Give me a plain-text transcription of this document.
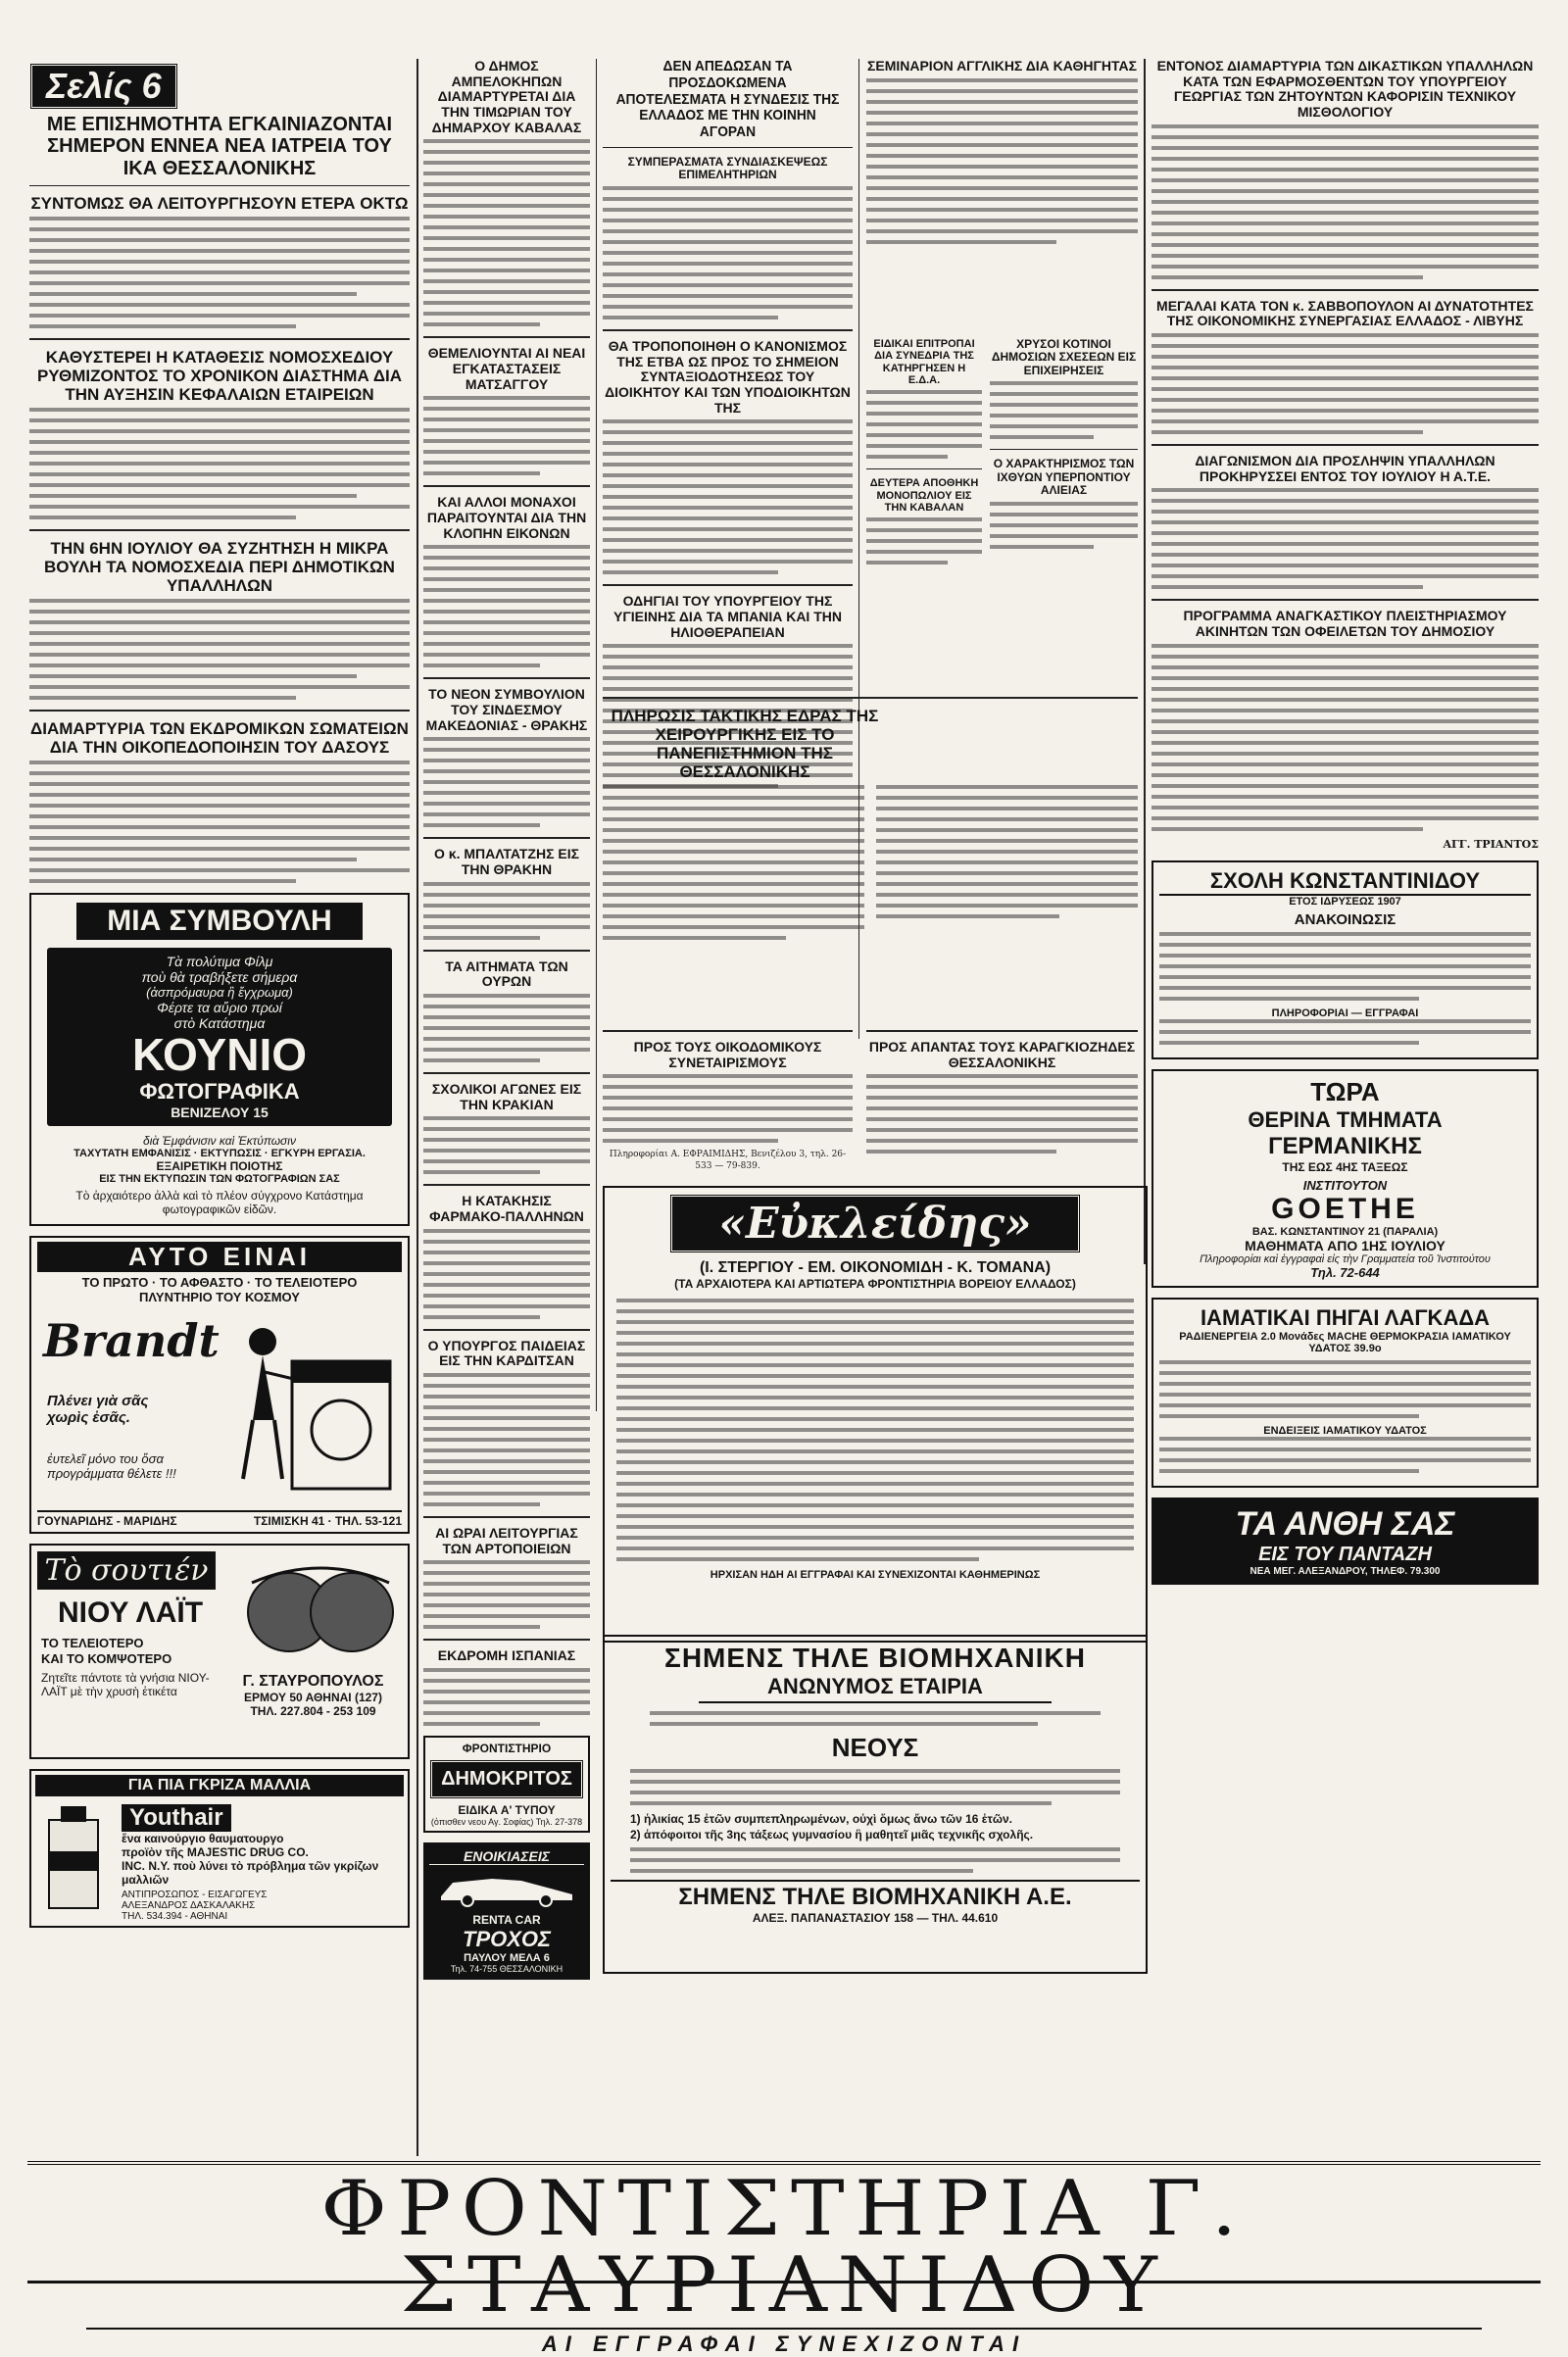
Σελίς 6
ΜΕ ΕΠΙΣΗΜΟΤΗΤΑ ΕΓΚΑΙΝΙΑΖΟΝΤΑΙ ΣΗΜΕΡΟΝ ΕΝΝΕΑ ΝΕΑ ΙΑΤΡΕΙΑ ΤΟΥ ΙΚΑ ΘΕΣΣΑΛΟΝΙΚΗΣ
ΣΥΝΤΟΜΩΣ ΘΑ ΛΕΙΤΟΥΡΓΗΣΟΥΝ ΕΤΕΡΑ ΟΚΤΩ
ΚΑΘΥΣΤΕΡΕΙ Η ΚΑΤΑΘΕΣΙΣ ΝΟΜΟΣΧΕΔΙΟΥ ΡΥΘΜΙΖΟΝΤΟΣ ΤΟ ΧΡΟΝΙΚΟΝ ΔΙΑΣΤΗΜΑ ΔΙΑ ΤΗΝ ΑΥΞΗΣΙΝ ΚΕΦΑΛΑΙΩΝ ΕΤΑΙΡΕΙΩΝ
ΤΗΝ 6ΗΝ ΙΟΥΛΙΟΥ ΘΑ ΣΥΖΗΤΗΣΗ Η ΜΙΚΡΑ ΒΟΥΛΗ ΤΑ ΝΟΜΟΣΧΕΔΙΑ ΠΕΡΙ ΔΗΜΟΤΙΚΩΝ ΥΠΑΛΛΗΛΩΝ
ΔΙΑΜΑΡΤΥΡΙΑ ΤΩΝ ΕΚΔΡΟΜΙΚΩΝ ΣΩΜΑΤΕΙΩΝ ΔΙΑ ΤΗΝ ΟΙΚΟΠΕΔΟΠΟΙΗΣΙΝ ΤΟΥ ΔΑΣΟΥΣ
ΜΙΑ ΣΥΜΒΟΥΛΗ
Τὰ πολύτιμα Φίλμ
ποὺ θὰ τραβήξετε σήμερα
(ἀσπρόμαυρα ἢ ἔγχρωμα)
Φέρτε τα αὔριο πρωί
στὸ Κατάστημα
ΚΟΥΝΙΟ
ΦΩΤΟΓΡΑΦΙΚΑ
ΒΕΝΙΖΕΛΟΥ 15
διὰ Ἐμφάνισιν καὶ Ἐκτύπωσιν
ΤΑΧΥΤΑΤΗ ΕΜΦΑΝΙΣΙΣ · ΕΚΤΥΠΩΣΙΣ · ΕΓΚΥΡΗ ΕΡΓΑΣΙΑ.
ΕΞΑΙΡΕΤΙΚΗ ΠΟΙΟΤΗΣ
ΕΙΣ ΤΗΝ ΕΚΤΥΠΩΣΙΝ ΤΩΝ ΦΩΤΟΓΡΑΦΙΩΝ ΣΑΣ
Τὸ ἀρχαιότερο ἀλλὰ καὶ τὸ πλέον σύγχρονο Κατάστημα φωτογραφικῶν εἰδῶν.
ΑΥΤΟ ΕΙΝΑΙ
ΤΟ ΠΡΩΤΟ · ΤΟ ΑΦΘΑΣΤΟ · ΤΟ ΤΕΛΕΙΟΤΕΡΟ
ΠΛΥΝΤΗΡΙΟ ΤΟΥ ΚΟΣΜΟΥ
Brandt
Πλένει γιὰ σᾶς χωρὶς ἐσᾶς.
ἐυτελεῖ μόνο του ὅσα προγράμματα θέλετε !!!
ΓΟΥΝΑΡΙΔΗΣ - ΜΑΡΙΔΗΣ	ΤΣΙΜΙΣΚΗ 41 · ΤΗΛ. 53-121
Τὸ σουτιέν
ΝΙΟΥ ΛΑΪΤ
ΤΟ ΤΕΛΕΙΟΤΕΡΟ
ΚΑΙ ΤΟ ΚΟΜΨΟΤΕΡΟ
Ζητεῖτε πάντοτε τὰ γνήσια ΝΙΟΥ-ΛΑΪΤ μὲ τὴν χρυσὴ ἐτικέτα
Γ. ΣΤΑΥΡΟΠΟΥΛΟΣ
ΕΡΜΟΥ 50 ΑΘΗΝΑΙ (127)
ΤΗΛ. 227.804 - 253 109
ΓΙΑ ΠΙΑ ΓΚΡΙΖΑ ΜΑΛΛΙΑ
Youthair
ἕνα καινούργιο θαυματουργο
προϊὸν τῆς MAJESTIC DRUG CO.
INC. N.Y. ποὺ λύνει τὸ πρόβλημα τῶν γκρίζων μαλλιῶν
ΑΝΤΙΠΡΟΣΩΠΟΣ - ΕΙΣΑΓΩΓΕΥΣ
ΑΛΕΞΑΝΔΡΟΣ ΔΑΣΚΑΛΑΚΗΣ
ΤΗΛ. 534.394 - ΑΘΗΝΑΙ
Ο ΔΗΜΟΣ ΑΜΠΕΛΟΚΗΠΩΝ ΔΙΑΜΑΡΤΥΡΕΤΑΙ ΔΙΑ ΤΗΝ ΤΙΜΩΡΙΑΝ ΤΟΥ ΔΗΜΑΡΧΟΥ ΚΑΒΑΛΑΣ
ΘΕΜΕΛΙΟΥΝΤΑΙ ΑΙ ΝΕΑΙ ΕΓΚΑΤΑΣΤΑΣΕΙΣ ΜΑΤΣΑΓΓΟΥ
ΚΑΙ ΑΛΛΟΙ ΜΟΝΑΧΟΙ ΠΑΡΑΙΤΟΥΝΤΑΙ ΔΙΑ ΤΗΝ ΚΛΟΠΗΝ ΕΙΚΟΝΩΝ
ΤΟ ΝΕΟΝ ΣΥΜΒΟΥΛΙΟΝ ΤΟΥ ΣΙΝΔΕΣΜΟΥ ΜΑΚΕΔΟΝΙΑΣ - ΘΡΑΚΗΣ
Ο κ. ΜΠΑΛΤΑΤΖΗΣ ΕΙΣ ΤΗΝ ΘΡΑΚΗΝ
ΤΑ ΑΙΤΗΜΑΤΑ ΤΩΝ ΟΥΡΩΝ
ΣΧΟΛΙΚΟΙ ΑΓΩΝΕΣ ΕΙΣ ΤΗΝ ΚΡΑΚΙΑΝ
Η ΚΑΤΑΚΗΣΙΣ ΦΑΡΜΑΚΟ-ΠΑΛΛΗΝΩΝ
Ο ΥΠΟΥΡΓΟΣ ΠΑΙΔΕΙΑΣ ΕΙΣ ΤΗΝ ΚΑΡΔΙΤΣΑΝ
ΑΙ ΩΡΑΙ ΛΕΙΤΟΥΡΓΙΑΣ ΤΩΝ ΑΡΤΟΠΟΙΕΙΩΝ
ΕΚΔΡΟΜΗ ΙΣΠΑΝΙΑΣ
ΦΡΟΝΤΙΣΤΗΡΙΟ
ΔΗΜΟΚΡΙΤΟΣ
ΕΙΔΙΚΑ Α' ΤΥΠΟΥ
(ὁπισθεν νεου Αγ. Σοφίας) Τηλ. 27-378
ΕΝΟΙΚΙΑΣΕΙΣ
RENTA CAR
ΤΡΟΧΟΣ
ΠΑΥΛΟΥ ΜΕΛΑ 6
Τηλ. 74-755 ΘΕΣΣΑΛΟΝΙΚΗ
ΔΕΝ ΑΠΕΔΩΣΑΝ ΤΑ ΠΡΟΣΔΟΚΩΜΕΝΑ ΑΠΟΤΕΛΕΣΜΑΤΑ Η ΣΥΝΔΕΣΙΣ ΤΗΣ ΕΛΛΑΔΟΣ ΜΕ ΤΗΝ ΚΟΙΝΗΝ ΑΓΟΡΑΝ
ΣΥΜΠΕΡΑΣΜΑΤΑ ΣΥΝΔΙΑΣΚΕΨΕΩΣ ΕΠΙΜΕΛΗΤΗΡΙΩΝ
ΘΑ ΤΡΟΠΟΠΟΙΗΘΗ Ο ΚΑΝΟΝΙΣΜΟΣ ΤΗΣ ΕΤΒΑ ΩΣ ΠΡΟΣ ΤΟ ΣΗΜΕΙΟΝ ΣΥΝΤΑΞΙΟΔΟΤΗΣΕΩΣ ΤΟΥ ΔΙΟΙΚΗΤΟΥ ΚΑΙ ΤΩΝ ΥΠΟΔΙΟΙΚΗΤΩΝ ΤΗΣ
ΟΔΗΓΙΑΙ ΤΟΥ ΥΠΟΥΡΓΕΙΟΥ ΤΗΣ ΥΓΙΕΙΝΗΣ ΔΙΑ ΤΑ ΜΠΑΝΙΑ ΚΑΙ ΤΗΝ ΗΛΙΟΘΕΡΑΠΕΙΑΝ
ΠΛΗΡΩΣΙΣ ΤΑΚΤΙΚΗΣ ΕΔΡΑΣ ΤΗΣ ΧΕΙΡΟΥΡΓΙΚΗΣ ΕΙΣ ΤΟ ΠΑΝΕΠΙΣΤΗΜΙΟΝ ΤΗΣ ΘΕΣΣΑΛΟΝΙΚΗΣ
ΠΡΟΣ ΤΟΥΣ ΟΙΚΟΔΟΜΙΚΟΥΣ ΣΥΝΕΤΑΙΡΙΣΜΟΥΣ

Πληροφορίαι Α. ΕΦΡΑΙΜΙΔΗΣ, Βενιζέλου 3, τηλ. 26-533 — 79-839.

ΣΕΜΙΝΑΡΙΟΝ ΑΓΓΛΙΚΗΣ ΔΙΑ ΚΑΘΗΓΗΤΑΣ
ΠΡΟΣ ΑΠΑΝΤΑΣ ΤΟΥΣ ΚΑΡΑΓΚΙΟΖΗΔΕΣ ΘΕΣΣΑΛΟΝΙΚΗΣ
ΧΡΥΣΟΙ ΚΟΤΙΝΟΙ ΔΗΜΟΣΙΩΝ ΣΧΕΣΕΩΝ ΕΙΣ ΕΠΙΧΕΙΡΗΣΕΙΣ
Ο ΧΑΡΑΚΤΗΡΙΣΜΟΣ ΤΩΝ ΙΧΘΥΩΝ ΥΠΕΡΠΟΝΤΙΟΥ ΑΛΙΕΙΑΣ
ΕΙΔΙΚΑΙ ΕΠΙΤΡΟΠΑΙ ΔΙΑ ΣΥΝΕΔΡΙΑ ΤΗΣ ΚΑΤΗΡΓΗΣΕΝ Η Ε.Δ.Α.
ΔΕΥΤΕΡΑ ΑΠΟΘΗΚΗ ΜΟΝΟΠΩΛΙΟΥ ΕΙΣ ΤΗΝ ΚΑΒΑΛΑΝ
ΕΝΤΟΝΟΣ ΔΙΑΜΑΡΤΥΡΙΑ ΤΩΝ ΔΙΚΑΣΤΙΚΩΝ ΥΠΑΛΛΗΛΩΝ ΚΑΤΑ ΤΩΝ ΕΦΑΡΜΟΣΘΕΝΤΩΝ ΤΟΥ ΥΠΟΥΡΓΕΙΟΥ ΓΕΩΡΓΙΑΣ ΤΩΝ ΖΗΤΟΥΝΤΩΝ ΚΑΦΟΡΙΣΙΝ ΤΕΧΝΙΚΟΥ ΜΙΣΘΟΛΟΓΙΟΥ
ΜΕΓΑΛΑΙ ΚΑΤΑ ΤΟΝ κ. ΣΑΒΒΟΠΟΥΛΟΝ ΑΙ ΔΥΝΑΤΟΤΗΤΕΣ ΤΗΣ ΟΙΚΟΝΟΜΙΚΗΣ ΣΥΝΕΡΓΑΣΙΑΣ ΕΛΛΑΔΟΣ - ΛΙΒΥΗΣ
ΔΙΑΓΩΝΙΣΜΟΝ ΔΙΑ ΠΡΟΣΛΗΨΙΝ ΥΠΑΛΛΗΛΩΝ ΠΡΟΚΗΡΥΣΣΕΙ ΕΝΤΟΣ ΤΟΥ ΙΟΥΛΙΟΥ Η Α.Τ.Ε.
ΠΡΟΓΡΑΜΜΑ ΑΝΑΓΚΑΣΤΙΚΟΥ ΠΛΕΙΣΤΗΡΙΑΣΜΟΥ ΑΚΙΝΗΤΩΝ ΤΩΝ ΟΦΕΙΛΕΤΩΝ ΤΟΥ ΔΗΜΟΣΙΟΥ
ΑΓΓ. ΤΡΙΑΝΤΟΣ
ΣΧΟΛΗ ΚΩΝΣΤΑΝΤΙΝΙΔΟΥ
ΕΤΟΣ ΙΔΡΥΣΕΩΣ 1907
ΑΝΑΚΟΙΝΩΣΙΣ
ΠΛΗΡΟΦΟΡΙΑΙ — ΕΓΓΡΑΦΑΙ
ΤΩΡΑ
ΘΕΡΙΝΑ ΤΜΗΜΑΤΑ
ΓΕΡΜΑΝΙΚΗΣ
ΤΗΣ ΕΩΣ 4ΗΣ ΤΑΞΕΩΣ
ΙΝΣΤΙΤΟΥΤΟΝ
GOETHE
ΒΑΣ. ΚΩΝΣΤΑΝΤΙΝΟΥ 21 (ΠΑΡΑΛΙΑ)
ΜΑΘΗΜΑΤΑ ΑΠΟ 1ΗΣ ΙΟΥΛΙΟΥ
Πληροφορίαι καὶ ἐγγραφαὶ εἰς τὴν Γραμματεία τοῦ Ἰνστιτούτου
Τηλ. 72-644
ΙΑΜΑΤΙΚΑΙ ΠΗΓΑΙ ΛΑΓΚΑΔΑ
ΡΑΔΙΕΝΕΡΓΕΙΑ 2.0 Μονάδες MACHE ΘΕΡΜΟΚΡΑΣΙΑ ΙΑΜΑΤΙΚΟΥ ΥΔΑΤΟΣ 39.9ο
ΕΝΔΕΙΞΕΙΣ ΙΑΜΑΤΙΚΟΥ ΥΔΑΤΟΣ
ΤΑ ΑΝΘΗ ΣΑΣ
ΕΙΣ ΤΟΥ ΠΑΝΤΑΖΗ
ΝΕΑ ΜΕΓ. ΑΛΕΞΑΝΔΡΟΥ, ΤΗΛΕΦ. 79.300
«Εὐκλείδης»
(Ι. ΣΤΕΡΓΙΟΥ - ΕΜ. ΟΙΚΟΝΟΜΙΔΗ - Κ. ΤΟΜΑΝΑ)
(ΤΑ ΑΡΧΑΙΟΤΕΡΑ ΚΑΙ ΑΡΤΙΩΤΕΡΑ ΦΡΟΝΤΙΣΤΗΡΙΑ ΒΟΡΕΙΟΥ ΕΛΛΑΔΟΣ)
ΗΡΧΙΣΑΝ ΗΔΗ ΑΙ ΕΓΓΡΑΦΑΙ ΚΑΙ ΣΥΝΕΧΙΖΟΝΤΑΙ ΚΑΘΗΜΕΡΙΝΩΣ
ΣΗΜΕΝΣ ΤΗΛΕ ΒΙΟΜΗΧΑΝΙΚΗ
ΑΝΩΝΥΜΟΣ ΕΤΑΙΡΙΑ
ΝΕΟΥΣ
1) ἡλικίας 15 ἐτῶν συμπεπληρωμένων, οὐχὶ ὅμως ἄνω τῶν 16 ἐτῶν.
2) ἀπόφοιτοι τῆς 3ης τάξεως γυμνασίου ἢ μαθητεῖ μιᾶς τεχνικῆς σχολῆς.
ΣΗΜΕΝΣ ΤΗΛΕ ΒΙΟΜΗΧΑΝΙΚΗ Α.Ε.
ΑΛΕΞ. ΠΑΠΑΝΑΣΤΑΣΙΟΥ 158 — ΤΗΛ. 44.610
ΦΡΟΝΤΙΣΤΗΡΙΑ Γ. ΣΤΑΥΡΙΑΝΙΔΟΥ
ΑΙ ΕΓΓΡΑΦΑΙ ΣΥΝΕΧΙΖΟΝΤΑΙ
